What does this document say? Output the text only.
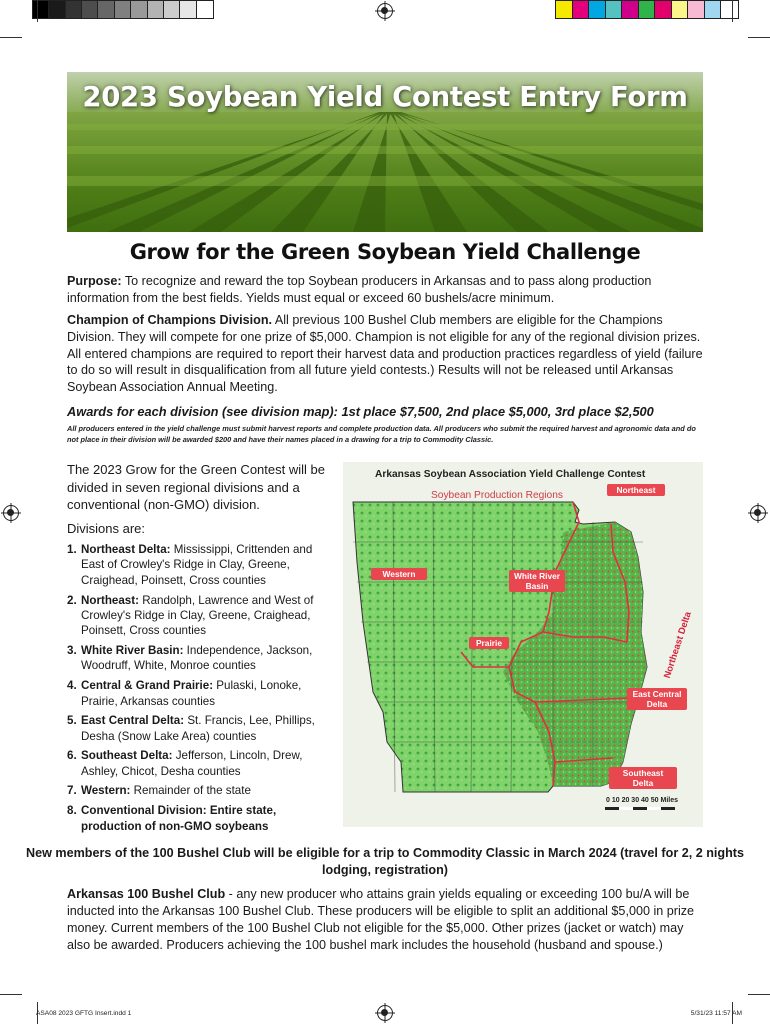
2023 Soybean Yield Contest Entry Form
Grow for the Green Soybean Yield Challenge

Purpose: To recognize and reward the top Soybean producers in Arkansas and to pass along production information from the best fields. Yields must equal or exceed 60 bushels/acre minimum.

Champion of Champions Division. All previous 100 Bushel Club members are eligible for the Champions Division. They will compete for one prize of $5,000. Champion is not eligible for any of the regional division prizes. All entered champions are required to report their harvest data and production practices regardless of yield (failure to do so will result in disqualification from all future yield contests.) Results will not be released until Arkansas Soybean Association Annual Meeting.

Awards for each division (see division map): 1st place $7,500, 2nd place $5,000, 3rd place $2,500
All producers entered in the yield challenge must submit harvest reports and complete production data. All producers who submit the required harvest and agronomic data and do not place in their division will be awarded $200 and have their names placed in a drawing for a trip to Commodity Classic.
The 2023 Grow for the Green Contest will be divided in seven regional divisions and a conventional (non-GMO) division.
Divisions are:
1. Northeast Delta: Mississippi, Crittenden and East of Crowley's Ridge in Clay, Greene, Craighead, Poinsett, Cross counties
2. Northeast: Randolph, Lawrence and West of Crowley's Ridge in Clay, Greene, Craighead, Poinsett, Cross counties
3. White River Basin: Independence, Jackson, Woodruff, White, Monroe counties
4. Central & Grand Prairie: Pulaski, Lonoke, Prairie, Arkansas counties
5. East Central Delta: St. Francis, Lee, Phillips, Desha (Snow Lake Area) counties
6. Southeast Delta: Jefferson, Lincoln, Drew, Ashley, Chicot, Desha counties
7. Western: Remainder of the state
8. Conventional Division: Entire state, production of non-GMO soybeans
Arkansas Soybean Association Yield Challenge Contest
Soybean Production Regions	Northeast
Western	White River Basin
Prairie	Northeast Delta
East Central Delta
Southeast Delta
0 10 20 30 40 50 Miles
New members of the 100 Bushel Club will be eligible for a trip to Commodity Classic in March 2024 (travel for 2, 2 nights lodging, registration)

Arkansas 100 Bushel Club - any new producer who attains grain yields equaling or exceeding 100 bu/A will be inducted into the Arkansas 100 Bushel Club. These producers will be eligible to split an additional $5,000 in prize money. Current members of the 100 Bushel Club not eligible for the $5,000. Other prizes (jacket or watch) may also be awarded. Producers achieving the 100 bushel mark includes the household (husband and spouse.)

ASA08 2023 GFTG Insert.indd 1	5/31/23 11:57 AM
